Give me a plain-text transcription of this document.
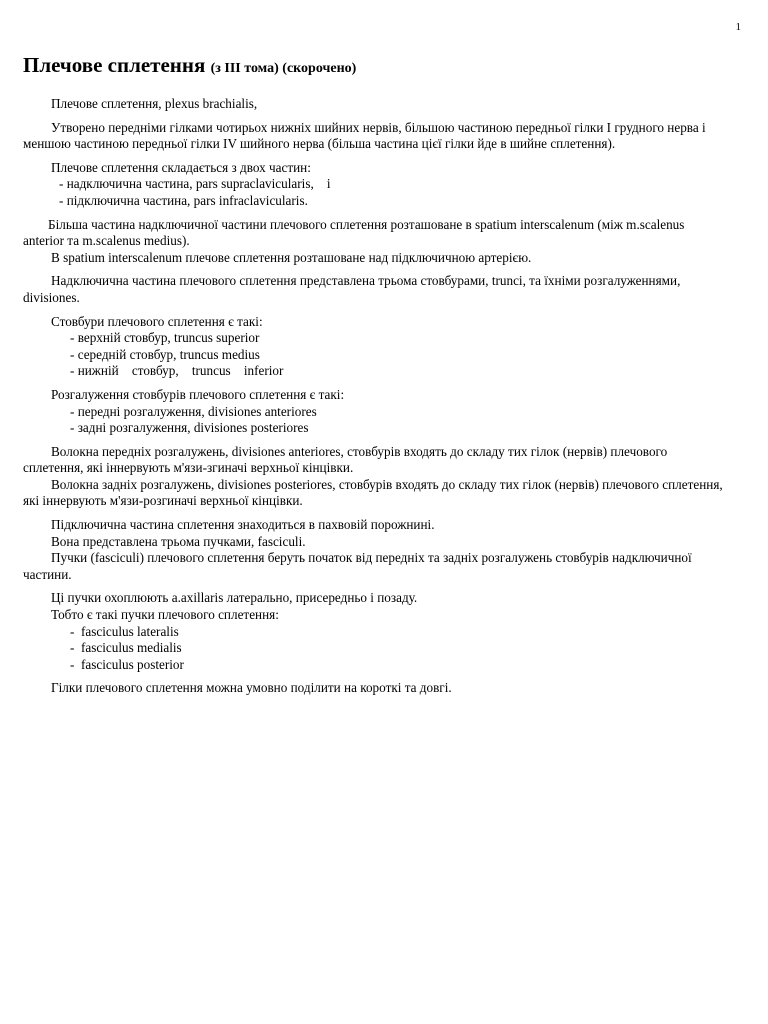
1
Плечове сплетення (з ІІІ тома) (скорочено)

Плечове сплетення, plexus brachialis,

Утворено передніми гілками чотирьох нижніх шийних нервів, більшою частиною передньої гілки І грудного нерва і меншою частиною передньої гілки IV шийного нерва (більша частина цієї гілки йде в шийне сплетення).

Плечове сплетення складається з двох частин:

- надключична частина, pars supraclavicularis,    і

- підключична частина, pars infraclavicularis.

Більша частина надключичної частини плечового сплетення розташоване в spatium interscalenum (між m.scalenus anterior та m.scalenus medius).

В spatium interscalenum плечове сплетення розташоване над підключичною артерією.

Надключична частина плечового сплетення представлена трьома стовбурами, trunci, та їхніми розгалуженнями, divisiones.

Стовбури плечового сплетення є такі:

- верхній стовбур, truncus superior

- середній стовбур, truncus medius

- нижній    стовбур,    truncus    inferior

Розгалуження стовбурів плечового сплетення є такі:

- передні розгалуження, divisiones anteriores

- задні розгалуження, divisiones posteriores

Волокна передніх розгалужень, divisiones anteriores, стовбурів входять до складу тих гілок (нервів) плечового сплетення, які іннервують м'язи-згиначі верхньої кінцівки.

Волокна задніх розгалужень, divisiones posteriores, стовбурів входять до складу тих гілок (нервів) плечового сплетення, які іннервують м'язи-розгиначі верхньої кінцівки.

Підключична частина сплетення знаходиться в пахвовій порожнині.

Вона представлена трьома пучками, fasciculi.

Пучки (fasciculi) плечового сплетення беруть початок від передніх та задніх розгалужень стовбурів надключичної частини.

Ці пучки охоплюють a.axillaris латерально, присередньо і позаду.

Тобто є такі пучки плечового сплетення:

-  fasciculus lateralis

-  fasciculus medialis

-  fasciculus posterior

Гілки плечового сплетення можна умовно поділити на короткі та довгі.
